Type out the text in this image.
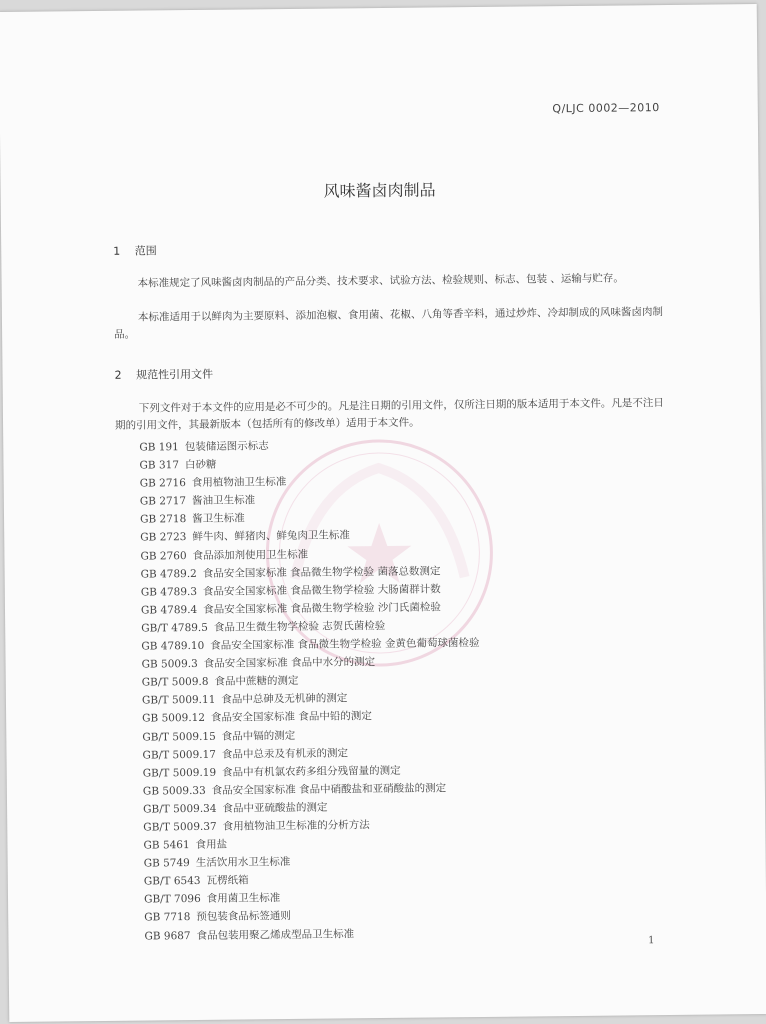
Q/LJC 0002—2010
风味酱卤肉制品
1 范围

本标准规定了风味酱卤肉制品的产品分类、技术要求、试验方法、检验规则、标志、包装 、运输与贮存。

本标准适用于以鲜肉为主要原料、添加泡椒、食用菌、花椒、八角等香辛料，通过炒炸、冷却制成的风味酱卤肉制品。

2 规范性引用文件

下列文件对于本文件的应用是必不可少的。凡是注日期的引用文件，仅所注日期的版本适用于本文件。凡是不注日期的引用文件，其最新版本（包括所有的修改单）适用于本文件。

GB 191 包装储运图示标志
GB 317 白砂糖
GB 2716 食用植物油卫生标准
GB 2717 酱油卫生标准
GB 2718 酱卫生标准
GB 2723 鲜牛肉、鲜猪肉、鲜兔肉卫生标准
GB 2760 食品添加剂使用卫生标准
GB 4789.2 食品安全国家标准 食品微生物学检验 菌落总数测定
GB 4789.3 食品安全国家标准 食品微生物学检验 大肠菌群计数
GB 4789.4 食品安全国家标准 食品微生物学检验 沙门氏菌检验
GB/T 4789.5 食品卫生微生物学检验 志贺氏菌检验
GB 4789.10 食品安全国家标准 食品微生物学检验 金黄色葡萄球菌检验
GB 5009.3 食品安全国家标准 食品中水分的测定
GB/T 5009.8 食品中蔗糖的测定
GB/T 5009.11 食品中总砷及无机砷的测定
GB 5009.12 食品安全国家标准 食品中铅的测定
GB/T 5009.15 食品中镉的测定
GB/T 5009.17 食品中总汞及有机汞的测定
GB/T 5009.19 食品中有机氯农药多组分残留量的测定
GB 5009.33 食品安全国家标准 食品中硝酸盐和亚硝酸盐的测定
GB/T 5009.34 食品中亚硫酸盐的测定
GB/T 5009.37 食用植物油卫生标准的分析方法
GB 5461 食用盐
GB 5749 生活饮用水卫生标准
GB/T 6543 瓦楞纸箱
GB/T 7096 食用菌卫生标准
GB 7718 预包装食品标签通则
GB 9687 食品包装用聚乙烯成型品卫生标准	1
